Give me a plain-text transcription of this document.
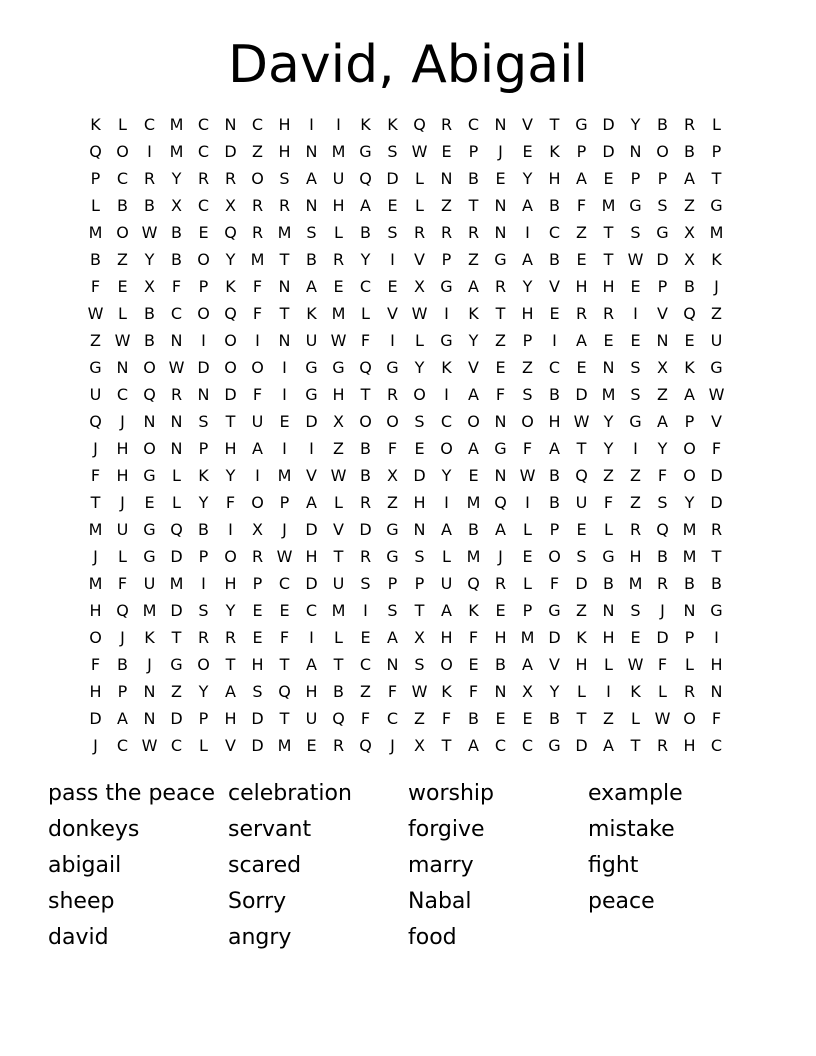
David, Abigail
K	L	C M C N C H	I	I	K	K Q R C N V	T G D Y	B R	L
Q O	I	M C D Z H N M G S W E	P	J	E	K	P	D N O B	P
P	C R	Y	R R O S	A U Q D	L	N B	E	Y	H A	E	P	P	A	T
L	B	B	X C X R R N H A	E	L	Z	T	N A	B	F M G S	Z G
M O W B	E Q R M S	L	B	S	R R R N	I	C Z	T	S G X M
B	Z	Y	B O Y M T	B R	Y	I	V	P	Z G A	B	E	T W D X	K
F	E	X	F	P	K	F	N A	E	C	E	X G A R	Y	V H H E	P	B	J
W L	B C O Q	F	T	K M L	V W	I	K	T	H E	R R	I	V Q Z
Z W B N	I	O	I	N U W F	I	L	G Y	Z	P	I	A	E	E N E	U
G N O W D O O	I	G G Q G Y	K	V	E	Z C	E N S	X	K G
U C Q R N D	F	I	G H	T	R O	I	A	F	S	B D M S	Z	A W
Q	J	N N S	T	U	E D X O O S	C O N O H W Y G A	P	V
J	H O N	P	H A	I	I	Z	B	F	E O A G	F	A	T	Y	I	Y O	F
F	H G	L	K	Y	I	M V W B	X D Y	E N W B Q Z	Z	F	O D
T	J	E	L	Y	F	O P	A	L	R Z H	I	M Q	I	B U	F	Z	S	Y D
M U G Q B	I	X	J	D V D G N A	B	A	L	P	E	L	R Q M R
J	L	G D	P O R W H	T	R G S	L M	J	E O S G H B M T
M F	U M	I	H	P	C D U	S	P	P	U Q R	L	F	D B M R B	B
H Q M D S	Y	E	E	C M	I	S	T	A	K	E	P G Z N S	J	N G
O	J	K	T	R R	E	F	I	L	E	A	X H	F	H M D K H E D	P	I
F	B	J	G O T	H	T	A	T	C N S O E	B	A	V H	L W F	L	H
H	P	N Z	Y	A	S Q H B	Z	F W K	F	N X	Y	L	I	K	L	R N
D A N D	P	H D T	U Q	F	C Z	F	B	E	E	B	T	Z	L W O	F
J	C W C	L	V D M E	R Q	J	X	T	A C C G D A	T	R H C
pass the peace
donkeys
abigail
sheep
david
celebration
servant
scared
Sorry
angry
worship
forgive
marry
Nabal
food
example
mistake
fight
peace
